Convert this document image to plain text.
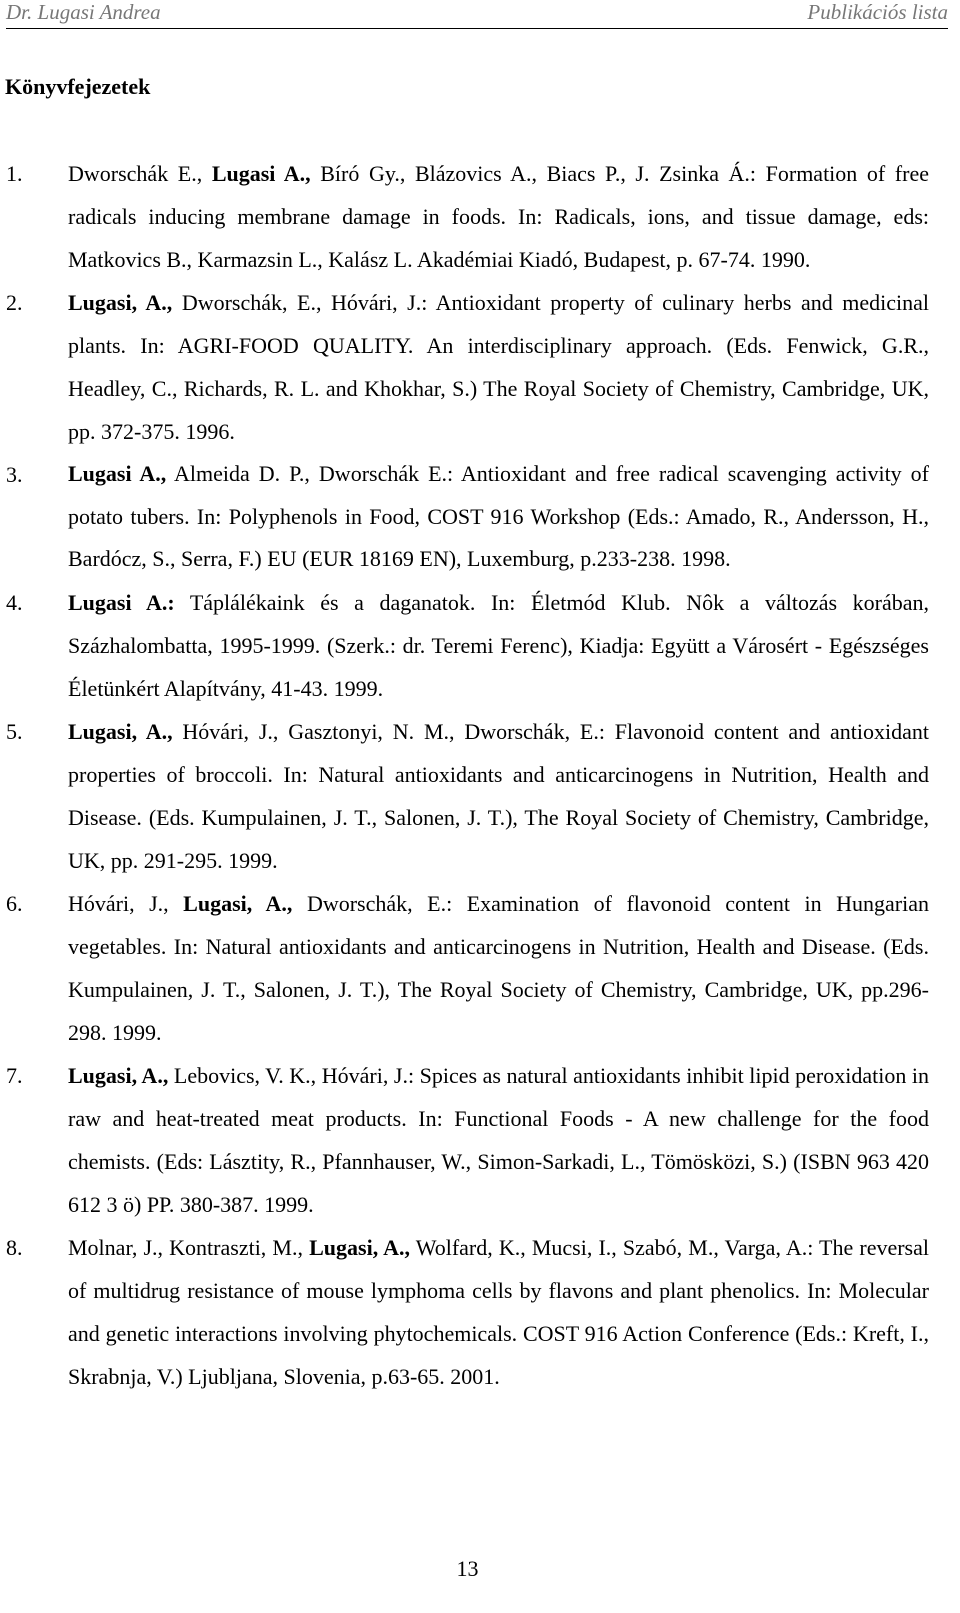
Dr. Lugasi Andrea	Publikációs lista
Könyvfejezetek
1. Dworschák E., Lugasi A., Bíró Gy., Blázovics A., Biacs P., J. Zsinka Á.: Formation of free radicals inducing membrane damage in foods. In: Radicals, ions, and tissue damage, eds: Matkovics B., Karmazsin L., Kalász L. Akadémiai Kiadó, Budapest, p. 67-74. 1990.
2. Lugasi, A., Dworschák, E., Hóvári, J.: Antioxidant property of culinary herbs and medicinal plants. In: AGRI-FOOD QUALITY. An interdisciplinary approach. (Eds. Fenwick, G.R., Headley, C., Richards, R. L. and Khokhar, S.) The Royal Society of Chemistry, Cambridge, UK, pp. 372-375. 1996.
3. Lugasi A., Almeida D. P., Dworschák E.: Antioxidant and free radical scavenging activity of potato tubers. In: Polyphenols in Food, COST 916 Workshop (Eds.: Amado, R., Andersson, H., Bardócz, S., Serra, F.) EU (EUR 18169 EN), Luxemburg, p.233-238. 1998.
4. Lugasi A.: Táplálékaink és a daganatok. In: Életmód Klub. Nôk a változás korában, Százhalombatta, 1995-1999. (Szerk.: dr. Teremi Ferenc), Kiadja: Együtt a Városért - Egészséges Életünkért Alapítvány, 41-43. 1999.
5. Lugasi, A., Hóvári, J., Gasztonyi, N. M., Dworschák, E.: Flavonoid content and antioxidant properties of broccoli. In: Natural antioxidants and anticarcinogens in Nutrition, Health and Disease. (Eds. Kumpulainen, J. T., Salonen, J. T.), The Royal Society of Chemistry, Cambridge, UK, pp. 291-295. 1999.
6. Hóvári, J., Lugasi, A., Dworschák, E.: Examination of flavonoid content in Hungarian vegetables. In: Natural antioxidants and anticarcinogens in Nutrition, Health and Disease. (Eds. Kumpulainen, J. T., Salonen, J. T.), The Royal Society of Chemistry, Cambridge, UK, pp.296-298. 1999.
7. Lugasi, A., Lebovics, V. K., Hóvári, J.: Spices as natural antioxidants inhibit lipid peroxidation in raw and heat-treated meat products. In: Functional Foods - A new challenge for the food chemists. (Eds: Lásztity, R., Pfannhauser, W., Simon-Sarkadi, L., Tömösközi, S.) (ISBN 963 420 612 3 ö) PP. 380-387. 1999.
8. Molnar, J., Kontraszti, M., Lugasi, A., Wolfard, K., Mucsi, I., Szabó, M., Varga, A.: The reversal of multidrug resistance of mouse lymphoma cells by flavons and plant phenolics. In: Molecular and genetic interactions involving phytochemicals. COST 916 Action Conference (Eds.: Kreft, I., Skrabnja, V.) Ljubljana, Slovenia, p.63-65. 2001.
13
